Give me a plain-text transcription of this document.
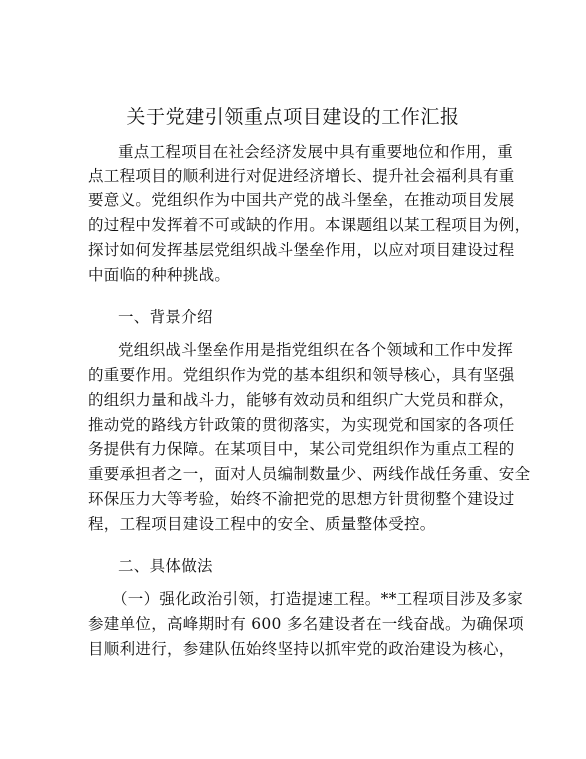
关于党建引领重点项目建设的工作汇报
重点工程项目在社会经济发展中具有重要地位和作用，重
点工程项目的顺利进行对促进经济增长、提升社会福利具有重
要意义。党组织作为中国共产党的战斗堡垒，在推动项目发展
的过程中发挥着不可或缺的作用。本课题组以某工程项目为例，
探讨如何发挥基层党组织战斗堡垒作用，以应对项目建设过程
中面临的种种挑战。
一、背景介绍
党组织战斗堡垒作用是指党组织在各个领域和工作中发挥
的重要作用。党组织作为党的基本组织和领导核心，具有坚强
的组织力量和战斗力，能够有效动员和组织广大党员和群众，
推动党的路线方针政策的贯彻落实，为实现党和国家的各项任
务提供有力保障。在某项目中，某公司党组织作为重点工程的
重要承担者之一，面对人员编制数量少、两线作战任务重、安全
环保压力大等考验，始终不渝把党的思想方针贯彻整个建设过
程，工程项目建设工程中的安全、质量整体受控。
二、具体做法
（一）强化政治引领，打造提速工程。**工程项目涉及多家
参建单位，高峰期时有 600 多名建设者在一线奋战。为确保项
目顺利进行，参建队伍始终坚持以抓牢党的政治建设为核心，
